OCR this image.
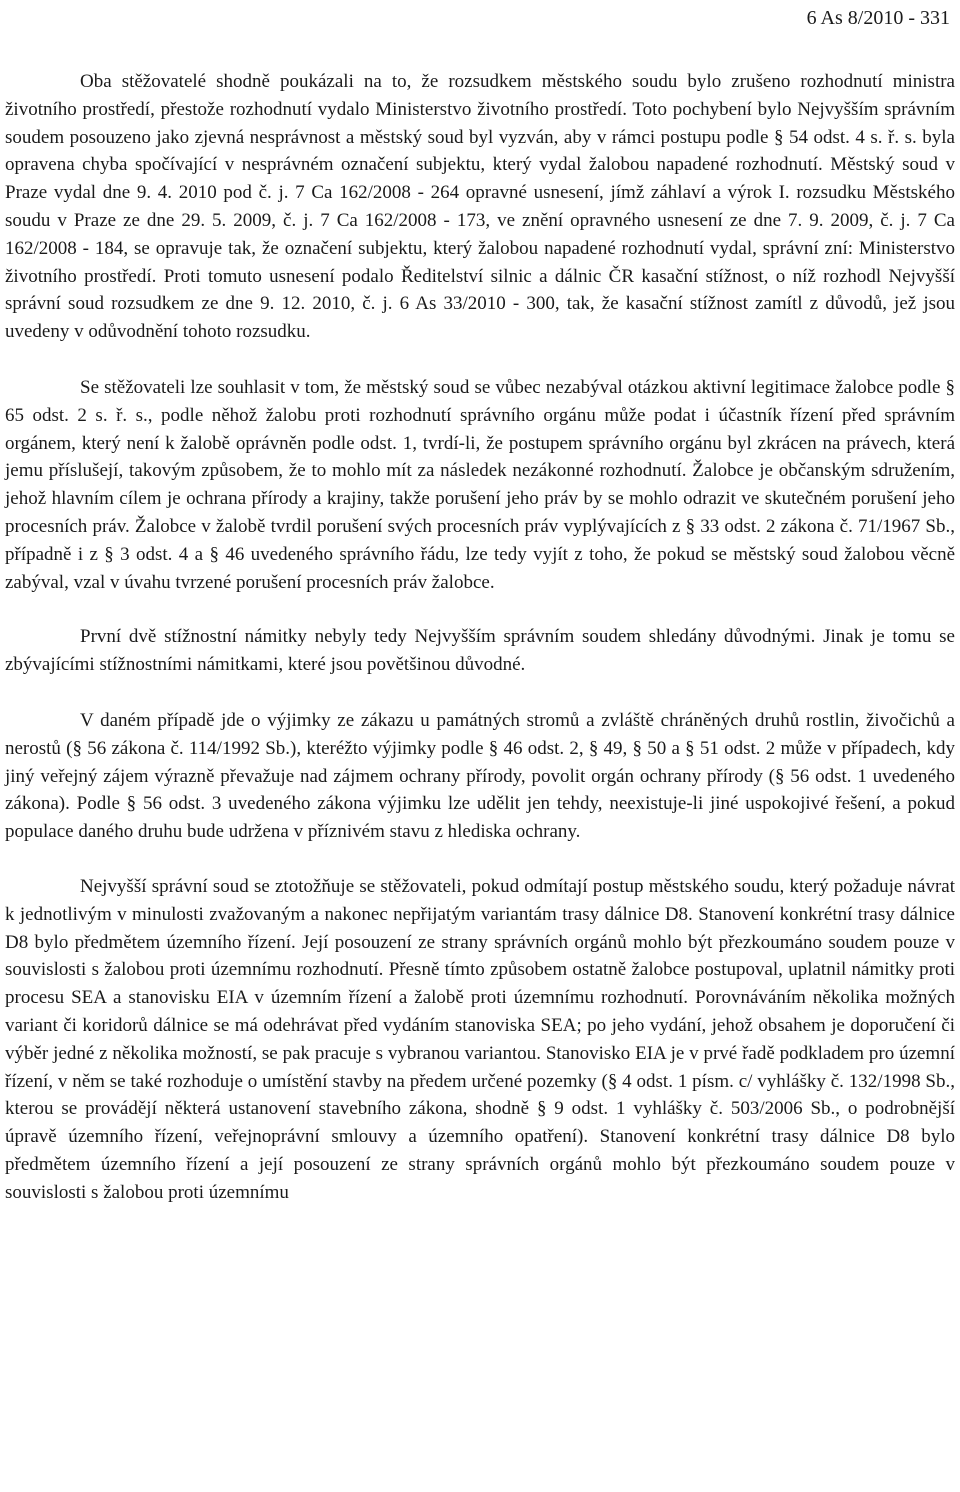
6 As 8/2010 - 331

Oba stěžovatelé shodně poukázali na to, že rozsudkem městského soudu bylo zrušeno rozhodnutí ministra životního prostředí, přestože rozhodnutí vydalo Ministerstvo životního prostředí. Toto pochybení bylo Nejvyšším správním soudem posouzeno jako zjevná nesprávnost a městský soud byl vyzván, aby v rámci postupu podle § 54 odst. 4 s. ř. s. byla opravena chyba spočívající v nesprávném označení subjektu, který vydal žalobou napadené rozhodnutí. Městský soud v Praze vydal dne 9. 4. 2010 pod č. j. 7 Ca 162/2008 - 264 opravné usnesení, jímž záhlaví a výrok I. rozsudku Městského soudu v Praze ze dne 29. 5. 2009, č. j. 7 Ca 162/2008 - 173, ve znění opravného usnesení ze dne 7. 9. 2009, č. j. 7 Ca 162/2008 - 184, se opravuje tak, že označení subjektu, který žalobou napadené rozhodnutí vydal, správní zní: Ministerstvo životního prostředí. Proti tomuto usnesení podalo Ředitelství silnic a dálnic ČR kasační stížnost, o níž rozhodl Nejvyšší správní soud rozsudkem ze dne 9. 12. 2010, č. j. 6 As 33/2010 - 300, tak, že kasační stížnost zamítl z důvodů, jež jsou uvedeny v odůvodnění tohoto rozsudku.

Se stěžovateli lze souhlasit v tom, že městský soud se vůbec nezabýval otázkou aktivní legitimace žalobce podle § 65 odst. 2 s. ř. s., podle něhož žalobu proti rozhodnutí správního orgánu může podat i účastník řízení před správním orgánem, který není k žalobě oprávněn podle odst. 1, tvrdí-li, že postupem správního orgánu byl zkrácen na právech, která jemu příslušejí, takovým způsobem, že to mohlo mít za následek nezákonné rozhodnutí. Žalobce je občanským sdružením, jehož hlavním cílem je ochrana přírody a krajiny, takže porušení jeho práv by se mohlo odrazit ve skutečném porušení jeho procesních práv. Žalobce v žalobě tvrdil porušení svých procesních práv vyplývajících z § 33 odst. 2 zákona č. 71/1967 Sb., případně i z § 3 odst. 4 a § 46 uvedeného správního řádu, lze tedy vyjít z toho, že pokud se městský soud žalobou věcně zabýval, vzal v úvahu tvrzené porušení procesních práv žalobce.

První dvě stížnostní námitky nebyly tedy Nejvyšším správním soudem shledány důvodnými. Jinak je tomu se zbývajícími stížnostními námitkami, které jsou povětšinou důvodné.

V daném případě jde o výjimky ze zákazu u památných stromů a zvláště chráněných druhů rostlin, živočichů a nerostů (§ 56 zákona č. 114/1992 Sb.), kteréžto výjimky podle § 46 odst. 2, § 49, § 50 a § 51 odst. 2 může v případech, kdy jiný veřejný zájem výrazně převažuje nad zájmem ochrany přírody, povolit orgán ochrany přírody (§ 56 odst. 1 uvedeného zákona). Podle § 56 odst. 3 uvedeného zákona výjimku lze udělit jen tehdy, neexistuje-li jiné uspokojivé řešení, a pokud populace daného druhu bude udržena v příznivém stavu z hlediska ochrany.

Nejvyšší správní soud se ztotožňuje se stěžovateli, pokud odmítají postup městského soudu, který požaduje návrat k jednotlivým v minulosti zvažovaným a nakonec nepřijatým variantám trasy dálnice D8. Stanovení konkrétní trasy dálnice D8 bylo předmětem územního řízení. Její posouzení ze strany správních orgánů mohlo být přezkoumáno soudem pouze v souvislosti s žalobou proti územnímu rozhodnutí. Přesně tímto způsobem ostatně žalobce postupoval, uplatnil námitky proti procesu SEA a stanovisku EIA v územním řízení a žalobě proti územnímu rozhodnutí. Porovnáváním několika možných variant či koridorů dálnice se má odehrávat před vydáním stanoviska SEA; po jeho vydání, jehož obsahem je doporučení či výběr jedné z několika možností, se pak pracuje s vybranou variantou. Stanovisko EIA je v prvé řadě podkladem pro územní řízení, v něm se také rozhoduje o umístění stavby na předem určené pozemky (§ 4 odst. 1 písm. c/ vyhlášky č. 132/1998 Sb., kterou se provádějí některá ustanovení stavebního zákona, shodně § 9 odst. 1 vyhlášky č. 503/2006 Sb., o podrobnější úpravě územního řízení, veřejnoprávní smlouvy a územního opatření). Stanovení konkrétní trasy dálnice D8 bylo předmětem územního řízení a její posouzení ze strany správních orgánů mohlo být přezkoumáno soudem pouze v souvislosti s žalobou proti územnímu
